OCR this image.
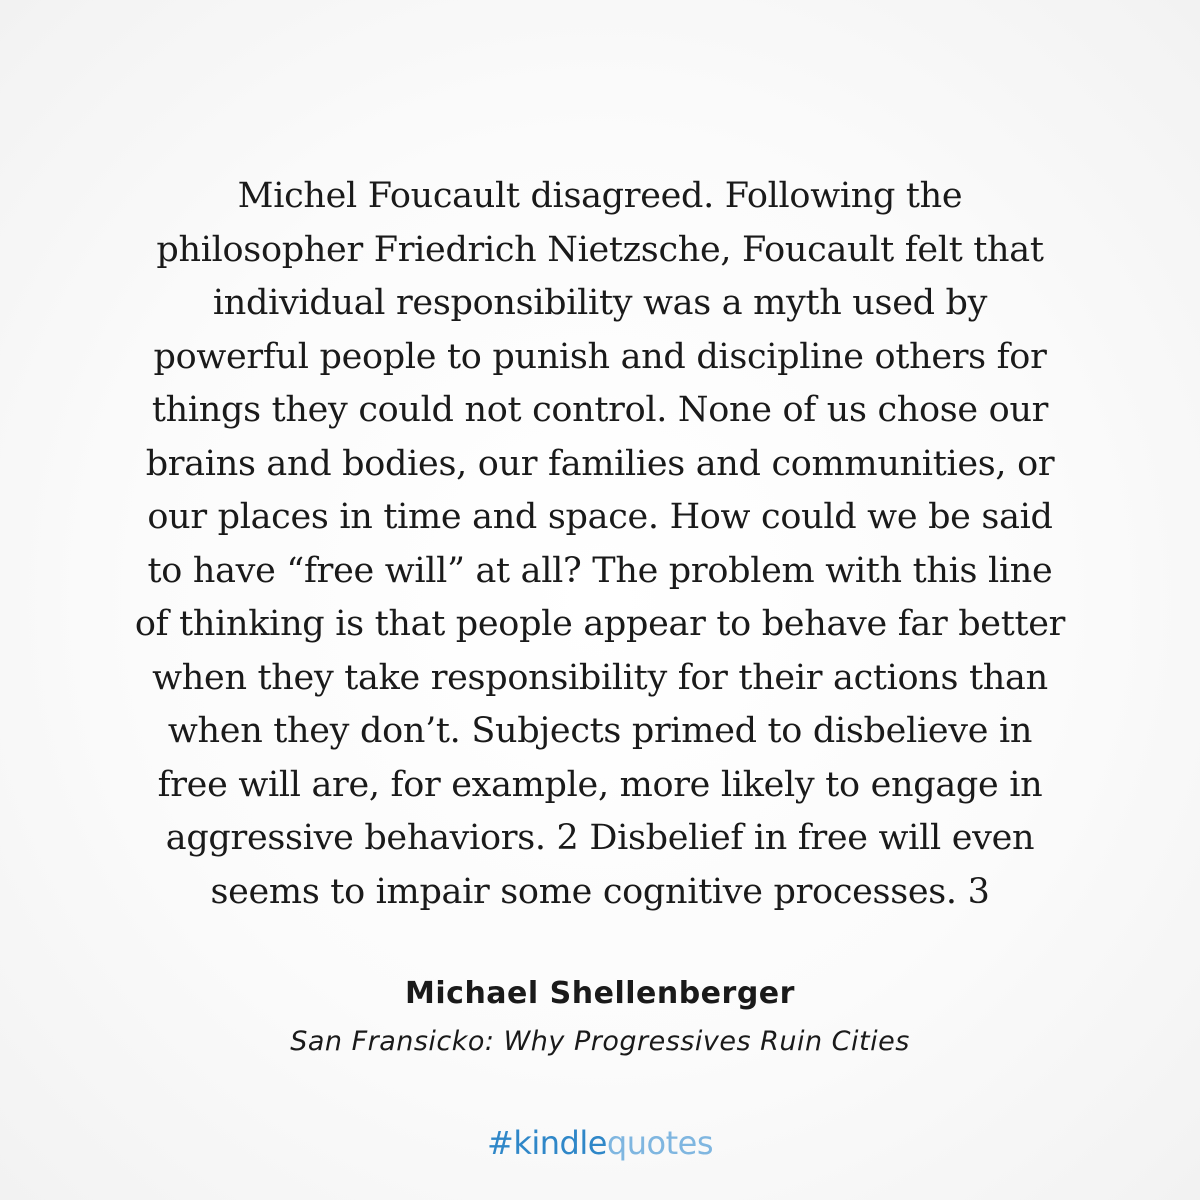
Michel Foucault disagreed. Following the
philosopher Friedrich Nietzsche, Foucault felt that
individual responsibility was a myth used by
powerful people to punish and discipline others for
things they could not control. None of us chose our
brains and bodies, our families and communities, or
our places in time and space. How could we be said
to have “free will” at all? The problem with this line
of thinking is that people appear to behave far better
when they take responsibility for their actions than
when they don’t. Subjects primed to disbelieve in
free will are, for example, more likely to engage in
aggressive behaviors. 2 Disbelief in free will even
seems to impair some cognitive processes. 3

Michael Shellenberger
San Fransicko: Why Progressives Ruin Cities
#kindlequotes
